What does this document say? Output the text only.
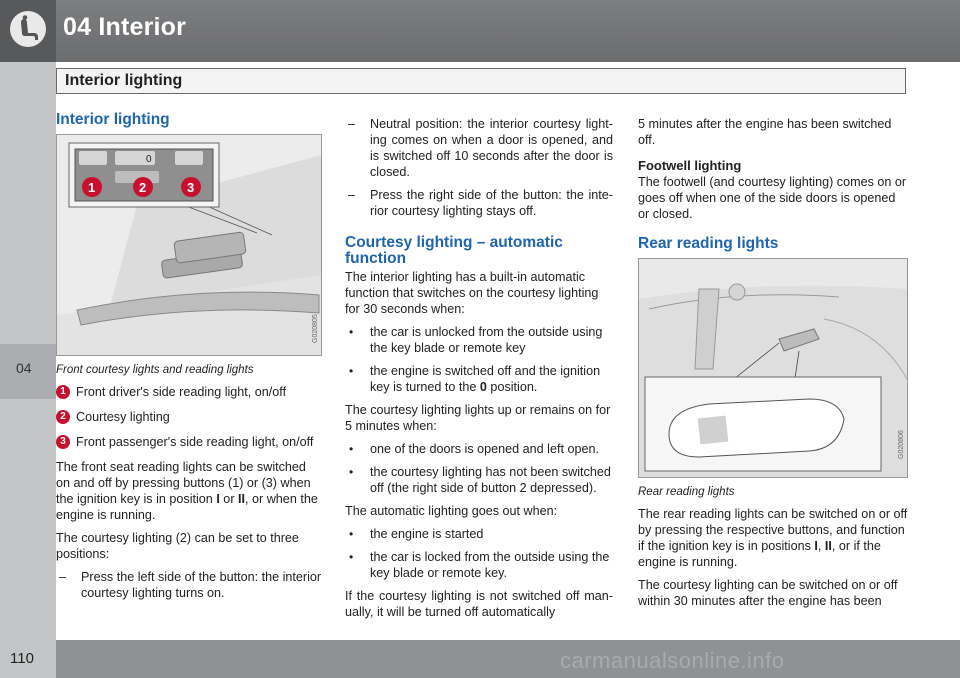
04 Interior
Interior lighting
04
Interior lighting
0
1	2	3
G020805
Front courtesy lights and reading lights
1 Front driver's side reading light, on/off
2 Courtesy lighting
3 Front passenger's side reading light, on/off

The front seat reading lights can be switched on and off by pressing buttons (1) or (3) when the ignition key is in position I or II, or when the engine is running.

The courtesy lighting (2) can be set to three positions:

– Press the left side of the button: the interior courtesy lighting turns on.
– Neutral position: the interior courtesy light-ing comes on when a door is opened, and is switched off 10 seconds after the door is closed.
– Press the right side of the button: the inte-rior courtesy lighting stays off.
Courtesy lighting – automatic function

The interior lighting has a built-in automatic function that switches on the courtesy lighting for 30 seconds when:

• the car is unlocked from the outside using the key blade or remote key
• the engine is switched off and the ignition key is turned to the 0 position.

The courtesy lighting lights up or remains on for 5 minutes when:

• one of the doors is opened and left open.
• the courtesy lighting has not been switched off (the right side of button 2 depressed).

The automatic lighting goes out when:

• the engine is started
• the car is locked from the outside using the key blade or remote key.

If the courtesy lighting is not switched off man-ually, it will be turned off automatically

5 minutes after the engine has been switched off.

Footwell lighting

The footwell (and courtesy lighting) comes on or goes off when one of the side doors is opened or closed.

Rear reading lights
G020806
Rear reading lights

The rear reading lights can be switched on or off by pressing the respective buttons, and function if the ignition key is in positions I, II, or if the engine is running.

The courtesy lighting can be switched on or off within 30 minutes after the engine has been

110	carmanualsonline.info
